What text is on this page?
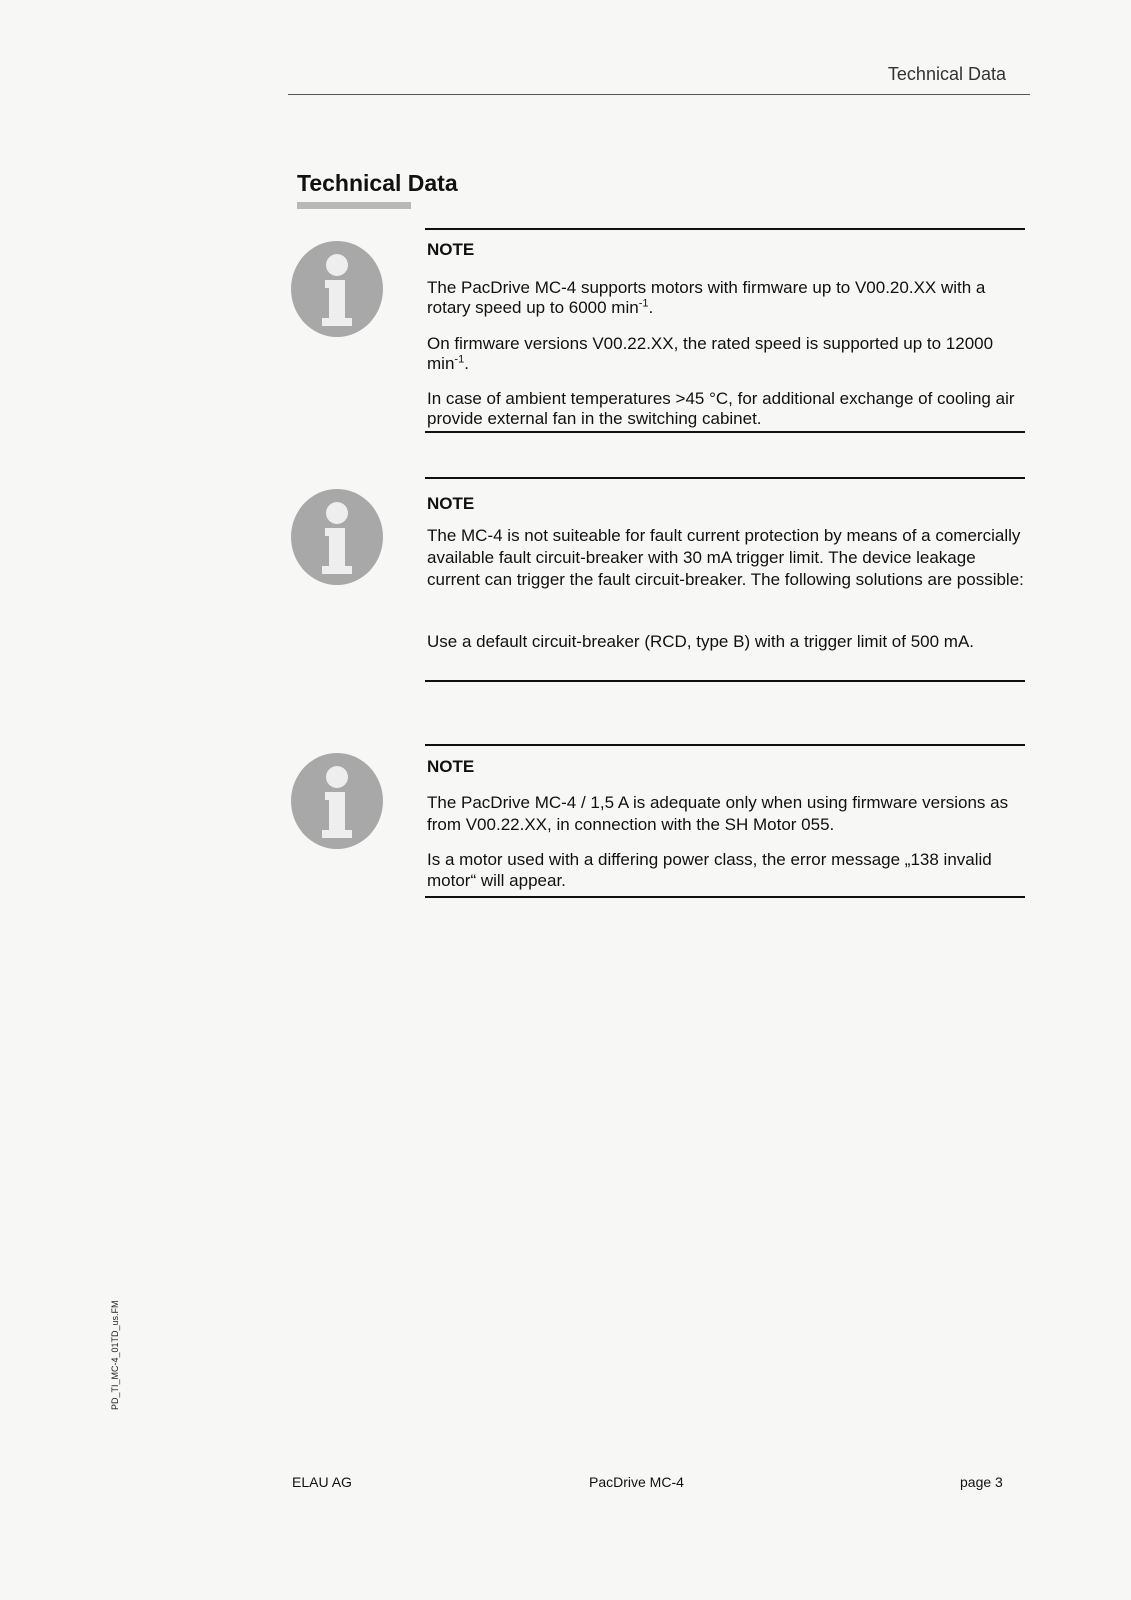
Technical Data
Technical Data
NOTE
The PacDrive MC-4 supports motors with firmware up to V00.20.XX with a rotary speed up to 6000 $\min^{-1}$.
On firmware versions V00.22.XX, the rated speed is supported up to 12000 $\min^{-1}$.
In case of ambient temperatures >45 °C, for additional exchange of cooling air provide external fan in the switching cabinet.
NOTE
The MC-4 is not suiteable for fault current protection by means of a comercially available fault circuit-breaker with 30 mA trigger limit. The device leakage current can trigger the fault circuit-breaker. The following solutions are possible:
Use a default circuit-breaker (RCD, type B) with a trigger limit of 500 mA.
NOTE
The PacDrive MC-4 / 1,5 A is adequate only when using firmware versions as from V00.22.XX, in connection with the SH Motor 055.
Is a motor used with a differing power class, the error message „138 invalid motor“ will appear.
PD_TI_MC-4_01TD_us.FM
ELAU AG	PacDrive MC-4	page 3
